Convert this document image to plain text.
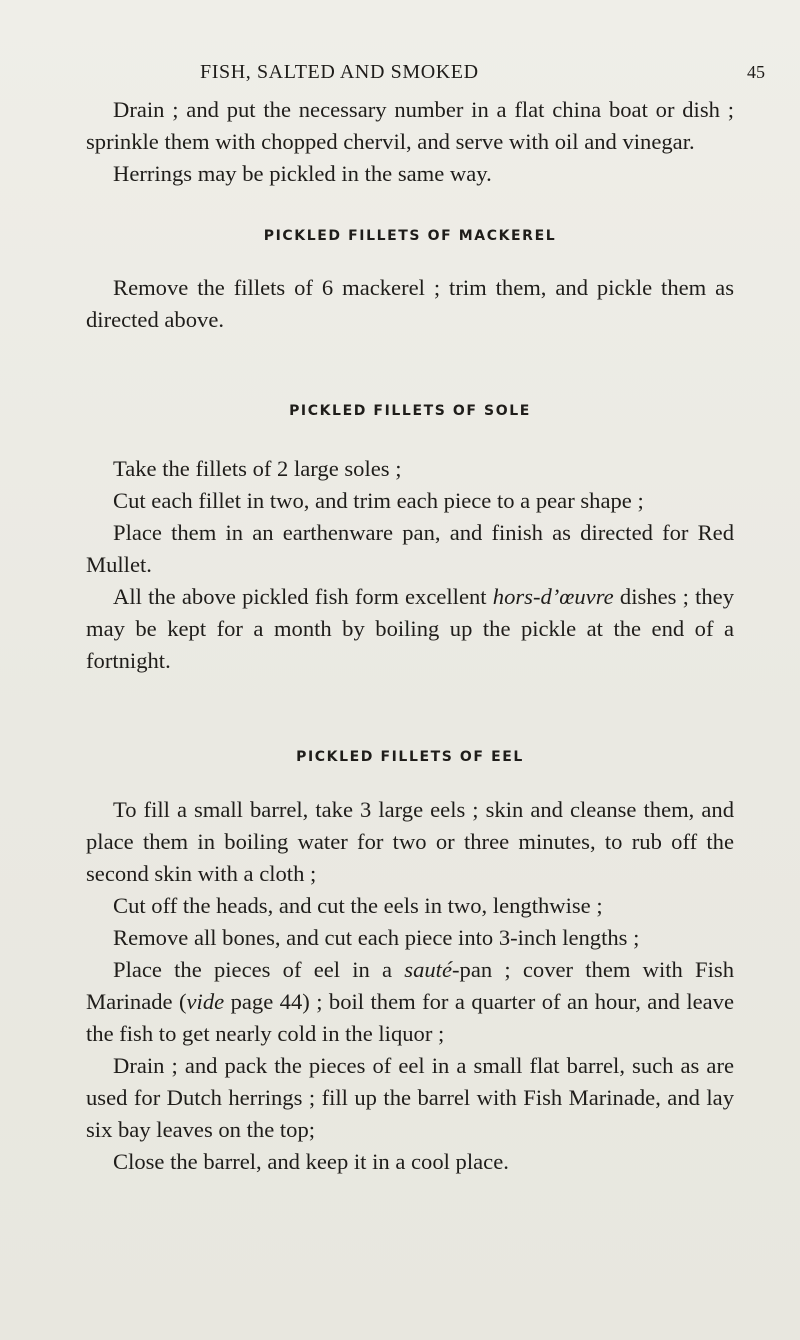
FISH, SALTED AND SMOKED	45

Drain ; and put the necessary number in a flat china boat or dish ; sprinkle them with chopped chervil, and serve with oil and vinegar.

Herrings may be pickled in the same way.

PICKLED FILLETS OF MACKEREL

Remove the fillets of 6 mackerel ; trim them, and pickle them as directed above.

PICKLED FILLETS OF SOLE

Take the fillets of 2 large soles ;

Cut each fillet in two, and trim each piece to a pear shape ;

Place them in an earthenware pan, and finish as directed for Red Mullet.

All the above pickled fish form excellent hors-d’œuvre dishes ; they may be kept for a month by boiling up the pickle at the end of a fortnight.

PICKLED FILLETS OF EEL

To fill a small barrel, take 3 large eels ; skin and cleanse them, and place them in boiling water for two or three minutes, to rub off the second skin with a cloth ;

Cut off the heads, and cut the eels in two, lengthwise ;

Remove all bones, and cut each piece into 3-inch lengths ;

Place the pieces of eel in a sauté-pan ; cover them with Fish Marinade (vide page 44) ; boil them for a quarter of an hour, and leave the fish to get nearly cold in the liquor ;

Drain ; and pack the pieces of eel in a small flat barrel, such as are used for Dutch herrings ; fill up the barrel with Fish Marinade, and lay six bay leaves on the top;

Close the barrel, and keep it in a cool place.
